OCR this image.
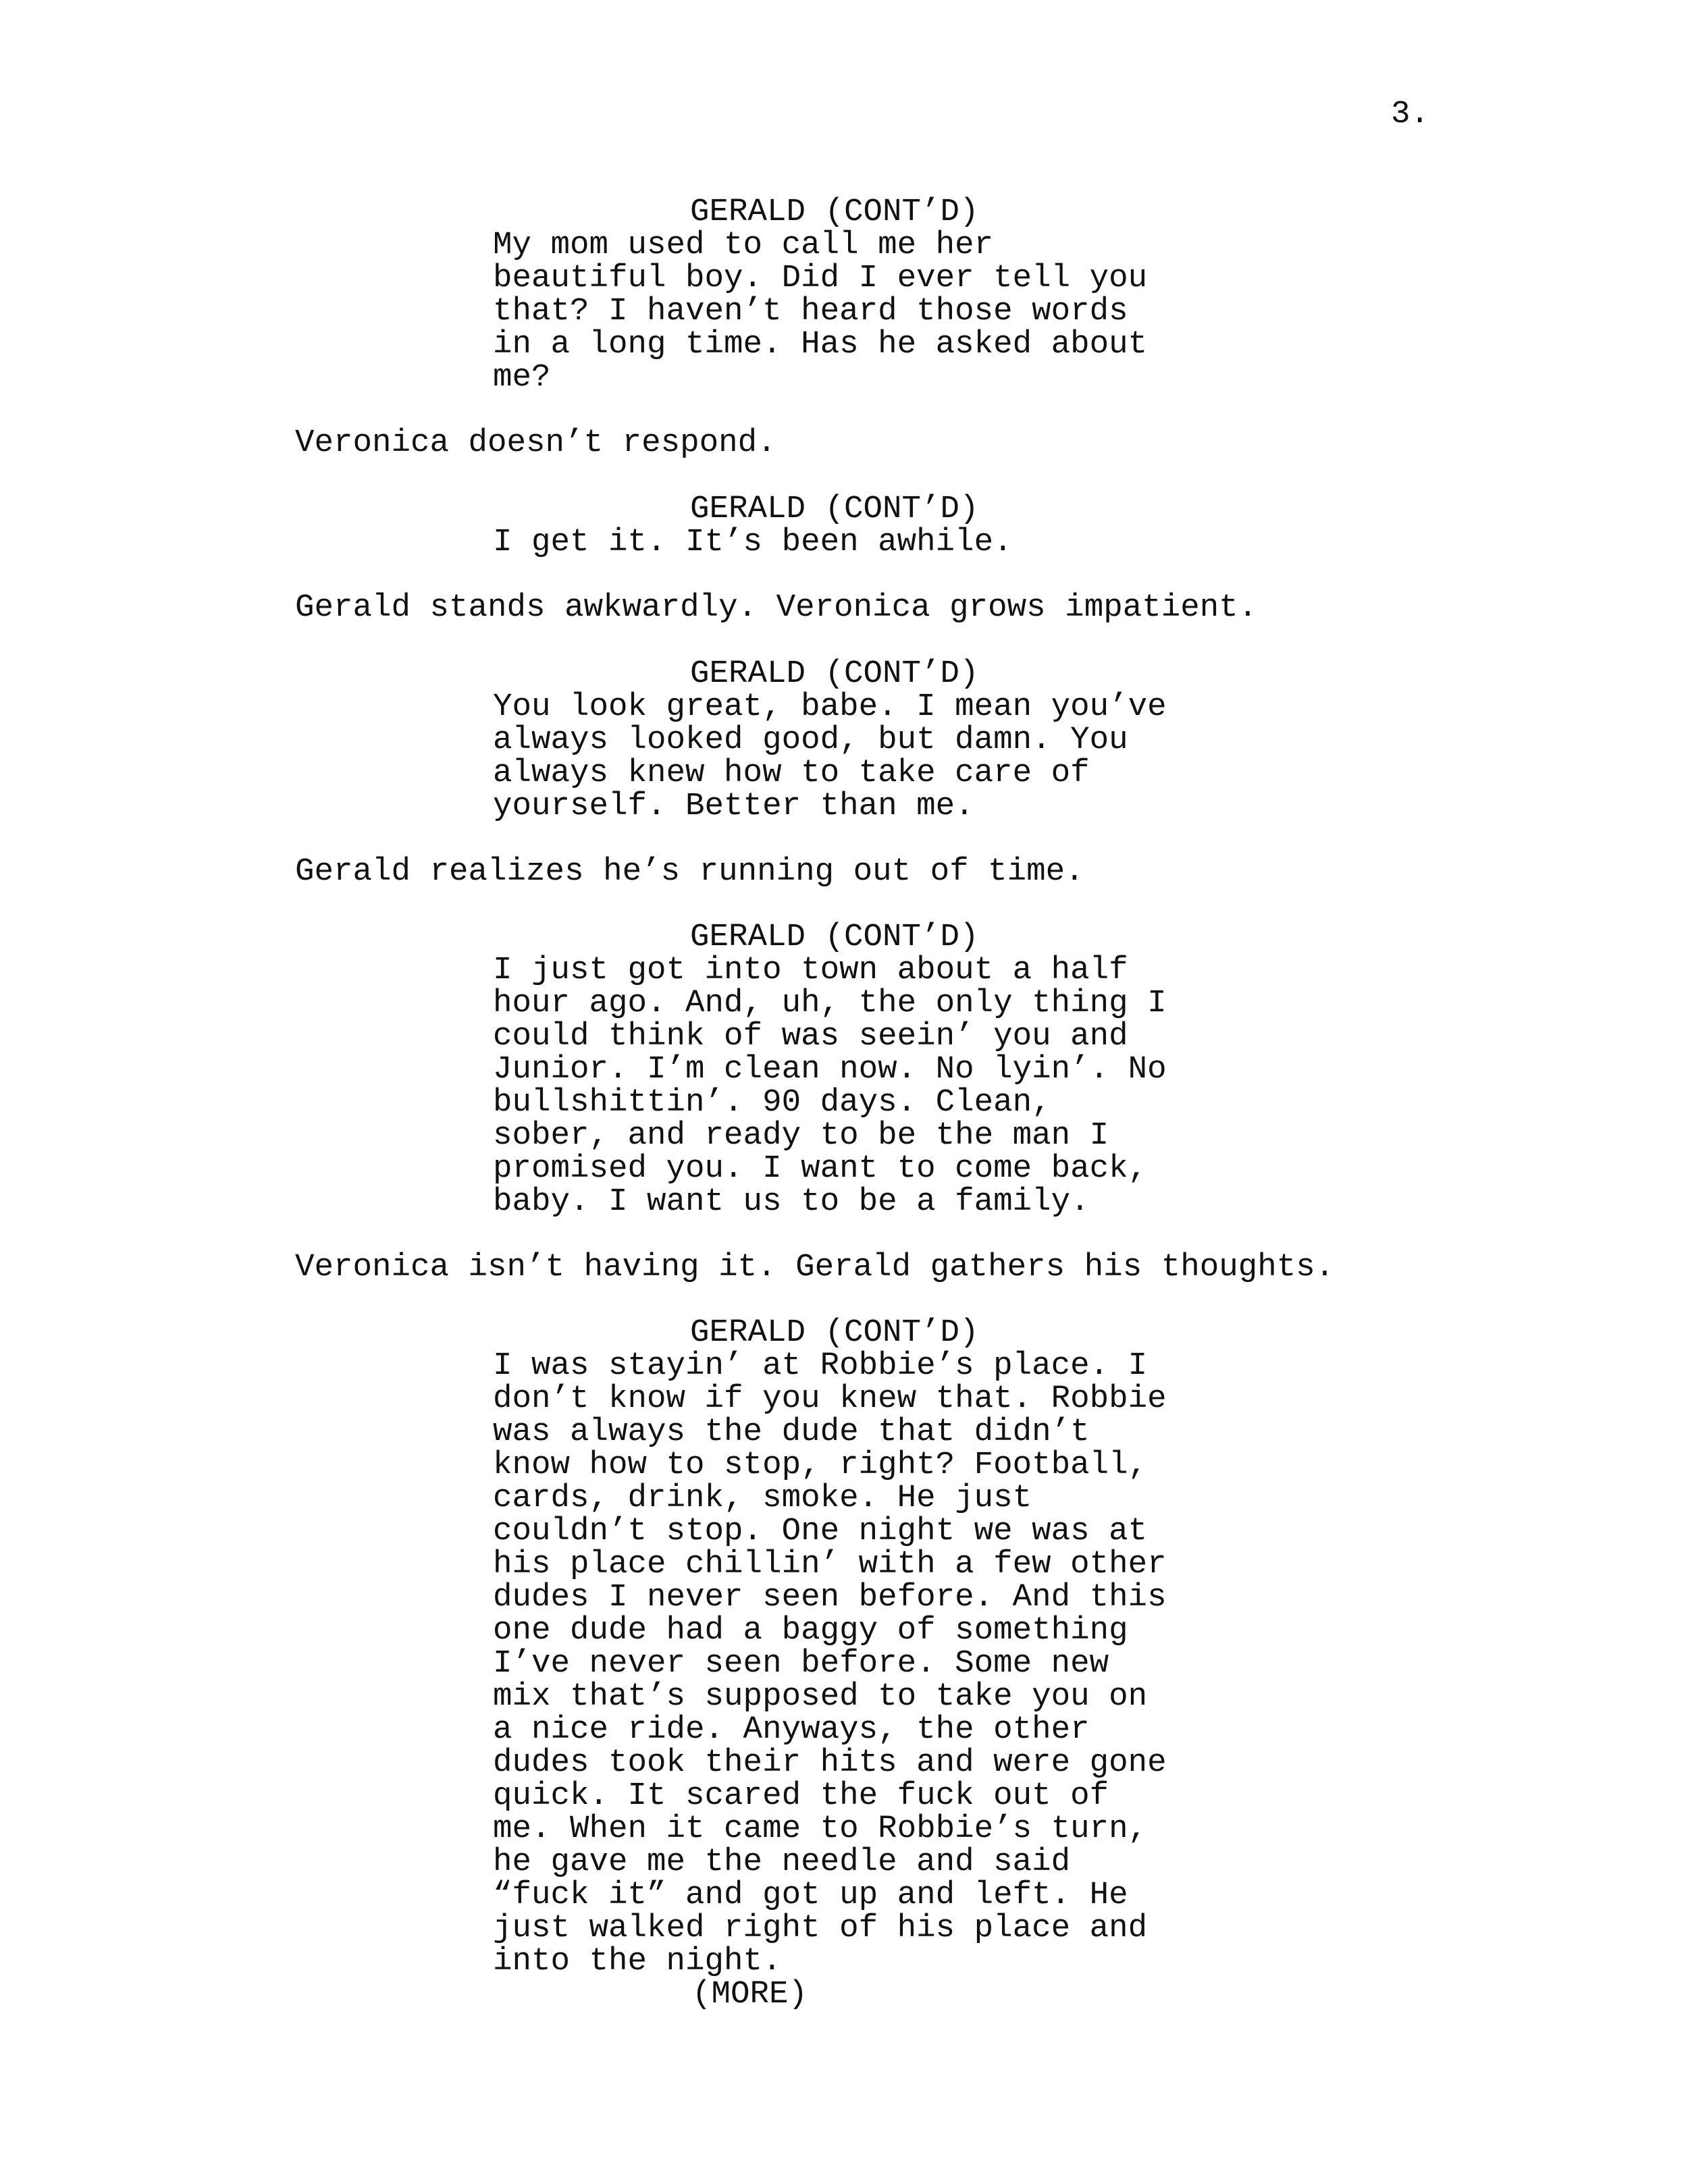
3.

GERALD (CONT’D)

My mom used to call me her
beautiful boy. Did I ever tell you
that? I haven’t heard those words
in a long time. Has he asked about
me?

Veronica doesn’t respond.

GERALD (CONT’D)

I get it. It’s been awhile.

Gerald stands awkwardly. Veronica grows impatient.

GERALD (CONT’D)

You look great, babe. I mean you’ve
always looked good, but damn. You
always knew how to take care of
yourself. Better than me.

Gerald realizes he’s running out of time.

GERALD (CONT’D)

I just got into town about a half
hour ago. And, uh, the only thing I
could think of was seein’ you and
Junior. I’m clean now. No lyin’. No
bullshittin’. 90 days. Clean,
sober, and ready to be the man I
promised you. I want to come back,
baby. I want us to be a family.

Veronica isn’t having it. Gerald gathers his thoughts.

GERALD (CONT’D)

I was stayin’ at Robbie’s place. I
don’t know if you knew that. Robbie
was always the dude that didn’t
know how to stop, right? Football,
cards, drink, smoke. He just
couldn’t stop. One night we was at
his place chillin’ with a few other
dudes I never seen before. And this
one dude had a baggy of something
I’ve never seen before. Some new
mix that’s supposed to take you on
a nice ride. Anyways, the other
dudes took their hits and were gone
quick. It scared the fuck out of
me. When it came to Robbie’s turn,
he gave me the needle and said
“fuck it” and got up and left. He
just walked right of his place and
into the night.

(MORE)
